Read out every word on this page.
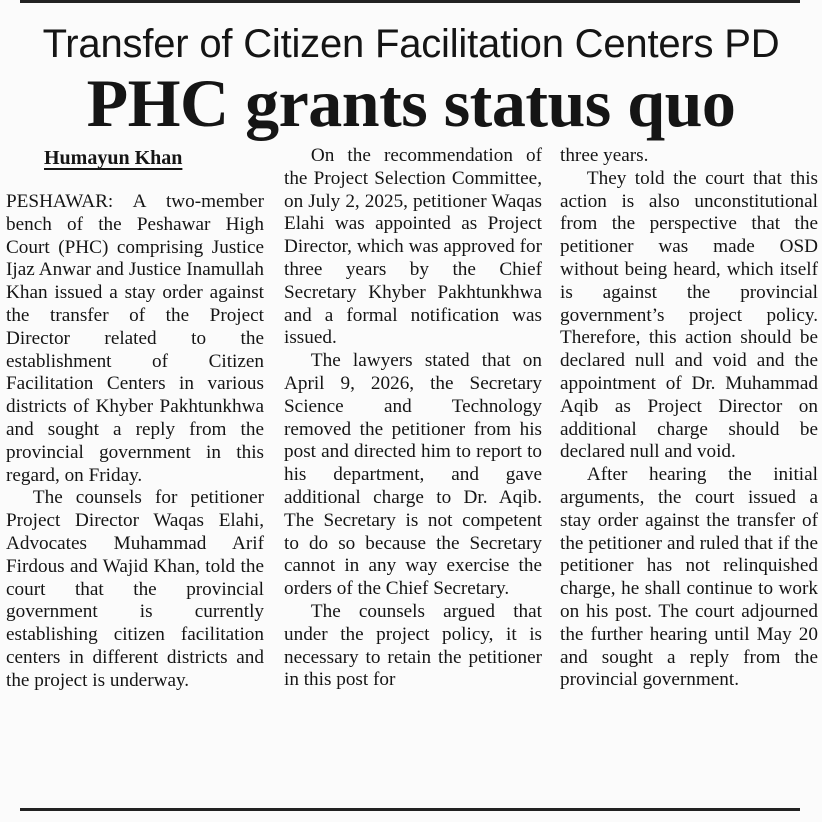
Transfer of Citizen Facilitation Centers PD
PHC grants status quo
Humayun Khan

PESHAWAR: A two-member bench of the Peshawar High Court (PHC) comprising Justice Ijaz Anwar and Justice Inamullah Khan issued a stay order against the transfer of the Project Director related to the establishment of Citizen Facilitation Centers in various districts of Khyber Pakhtunkhwa and sought a reply from the provincial government in this regard, on Friday.

The counsels for petitioner Project Director Waqas Elahi, Advocates Muhammad Arif Firdous and Wajid Khan, told the court that the provincial government is currently establishing citizen facilitation centers in different districts and the project is underway.

On the recommendation of the Project Selection Committee, on July 2, 2025, petitioner Waqas Elahi was appointed as Project Director, which was approved for three years by the Chief Secretary Khyber Pakhtunkhwa and a formal notification was issued.

The lawyers stated that on April 9, 2026, the Secretary Science and Technology removed the petitioner from his post and directed him to report to his department, and gave additional charge to Dr. Aqib. The Secretary is not competent to do so because the Secretary cannot in any way exercise the orders of the Chief Secretary.

The counsels argued that under the project policy, it is necessary to retain the petitioner in this post for

three years.

They told the court that this action is also unconstitutional from the perspective that the petitioner was made OSD without being heard, which itself is against the provincial government’s project policy. Therefore, this action should be declared null and void and the appointment of Dr. Muhammad Aqib as Project Director on additional charge should be declared null and void.

After hearing the initial arguments, the court issued a stay order against the transfer of the petitioner and ruled that if the petitioner has not relinquished charge, he shall continue to work on his post. The court adjourned the further hearing until May 20 and sought a reply from the provincial government.
